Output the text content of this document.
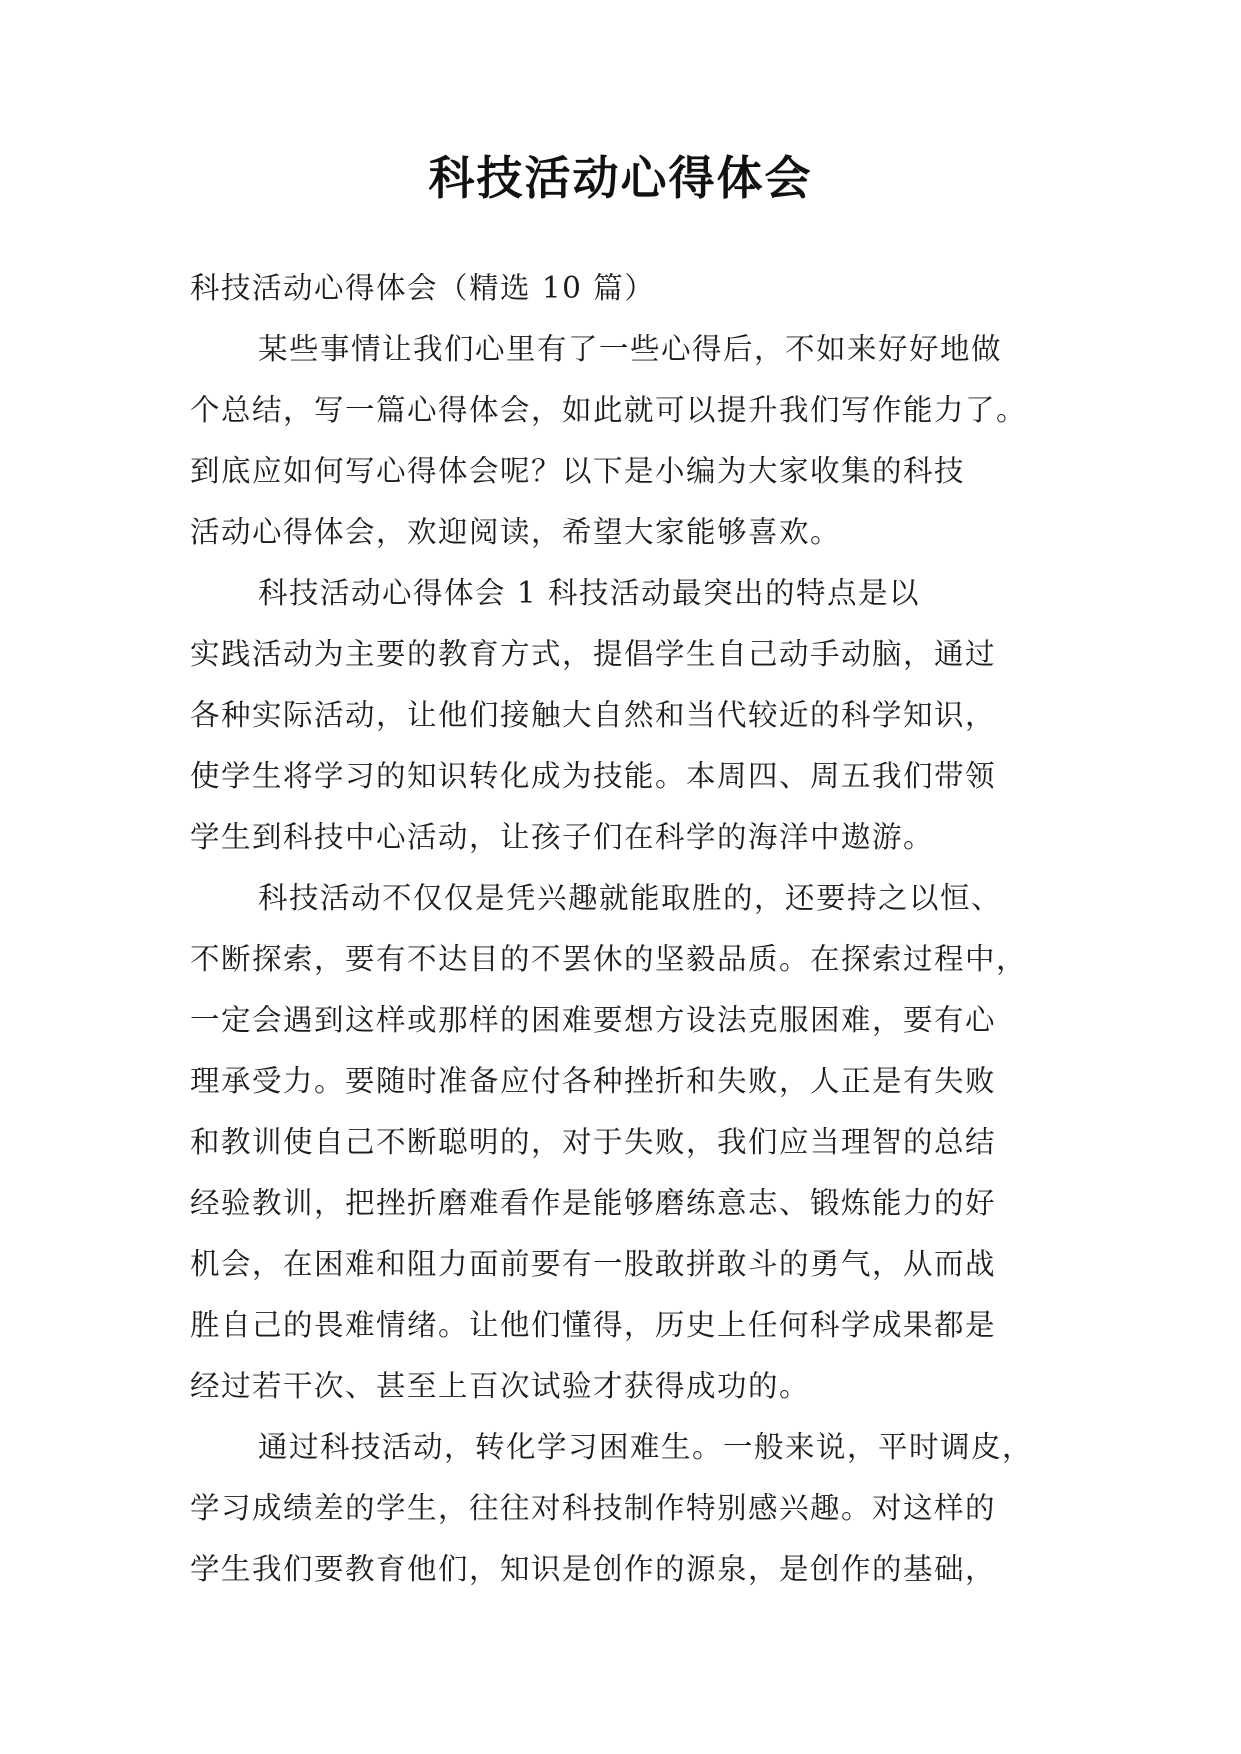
科技活动心得体会
科技活动心得体会（精选 10 篇）
某些事情让我们心里有了一些心得后，不如来好好地做
个总结，写一篇心得体会，如此就可以提升我们写作能力了。
到底应如何写心得体会呢？以下是小编为大家收集的科技
活动心得体会，欢迎阅读，希望大家能够喜欢。
科技活动心得体会 1 科技活动最突出的特点是以
实践活动为主要的教育方式，提倡学生自己动手动脑，通过
各种实际活动，让他们接触大自然和当代较近的科学知识，
使学生将学习的知识转化成为技能。本周四、周五我们带领
学生到科技中心活动，让孩子们在科学的海洋中遨游。
科技活动不仅仅是凭兴趣就能取胜的，还要持之以恒、
不断探索，要有不达目的不罢休的坚毅品质。在探索过程中，
一定会遇到这样或那样的困难要想方设法克服困难，要有心
理承受力。要随时准备应付各种挫折和失败，人正是有失败
和教训使自己不断聪明的，对于失败，我们应当理智的总结
经验教训，把挫折磨难看作是能够磨练意志、锻炼能力的好
机会，在困难和阻力面前要有一股敢拼敢斗的勇气，从而战
胜自己的畏难情绪。让他们懂得，历史上任何科学成果都是
经过若干次、甚至上百次试验才获得成功的。
通过科技活动，转化学习困难生。一般来说，平时调皮，
学习成绩差的学生，往往对科技制作特别感兴趣。对这样的
学生我们要教育他们，知识是创作的源泉，是创作的基础，
